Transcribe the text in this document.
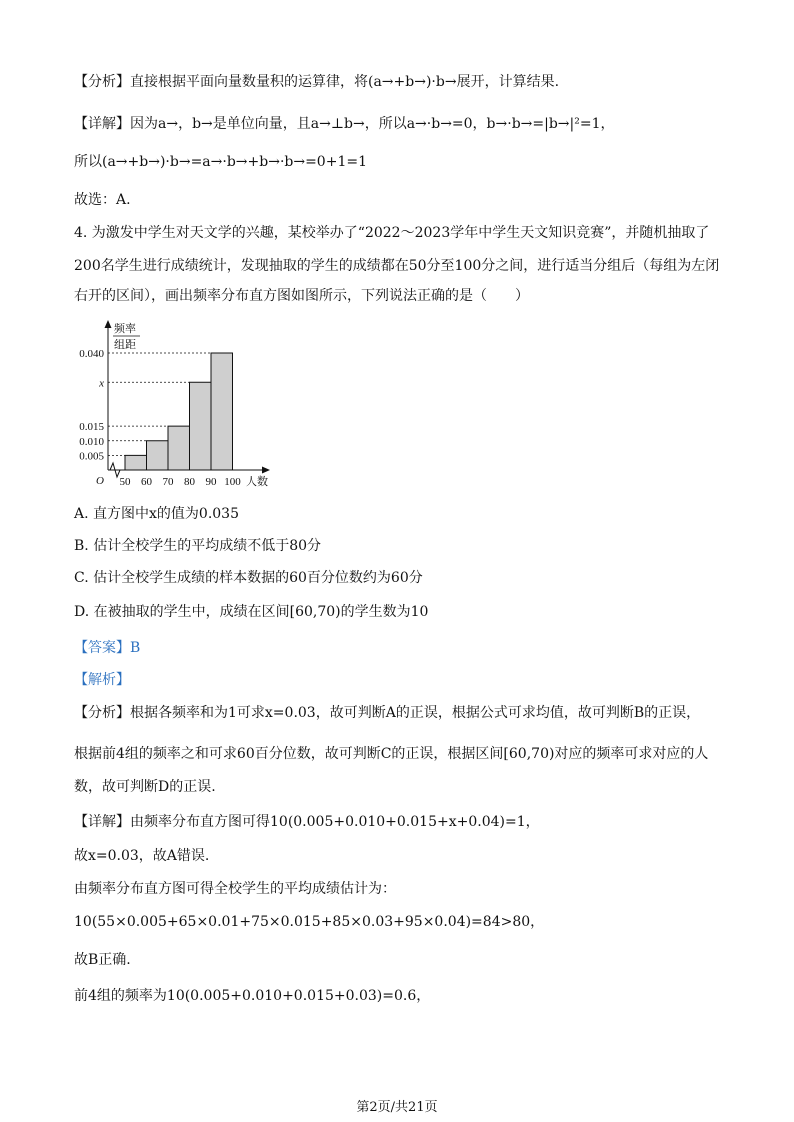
【分析】直接根据平面向量数量积的运算律，将(a→+b→)·b→展开，计算结果.
【详解】因为a→，b→是单位向量，且a→⊥b→，所以a→·b→=0，b→·b→=|b→|²=1，
所以(a→+b→)·b→=a→·b→+b→·b→=0+1=1
故选：A.
4. 为激发中学生对天文学的兴趣，某校举办了“2022～2023学年中学生天文知识竞赛”，并随机抽取了
200名学生进行成绩统计，发现抽取的学生的成绩都在50分至100分之间，进行适当分组后（每组为左闭
右开的区间），画出频率分布直方图如图所示，下列说法正确的是（　　）
0.040
x
0.015
0.010
0.005
50 60 70 80 90 100
频率
组距
人数
O
A. 直方图中x的值为0.035
B. 估计全校学生的平均成绩不低于80分
C. 估计全校学生成绩的样本数据的60百分位数约为60分
D. 在被抽取的学生中，成绩在区间[60,70)的学生数为10
【答案】B
【解析】
【分析】根据各频率和为1可求x=0.03，故可判断A的正误，根据公式可求均值，故可判断B的正误，
根据前4组的频率之和可求60百分位数，故可判断C的正误，根据区间[60,70)对应的频率可求对应的人
数，故可判断D的正误.
【详解】由频率分布直方图可得10(0.005+0.010+0.015+x+0.04)=1，
故x=0.03，故A错误.
由频率分布直方图可得全校学生的平均成绩估计为：
10(55×0.005+65×0.01+75×0.015+85×0.03+95×0.04)=84>80，
故B正确.
前4组的频率为10(0.005+0.010+0.015+0.03)=0.6，
第2页/共21页
